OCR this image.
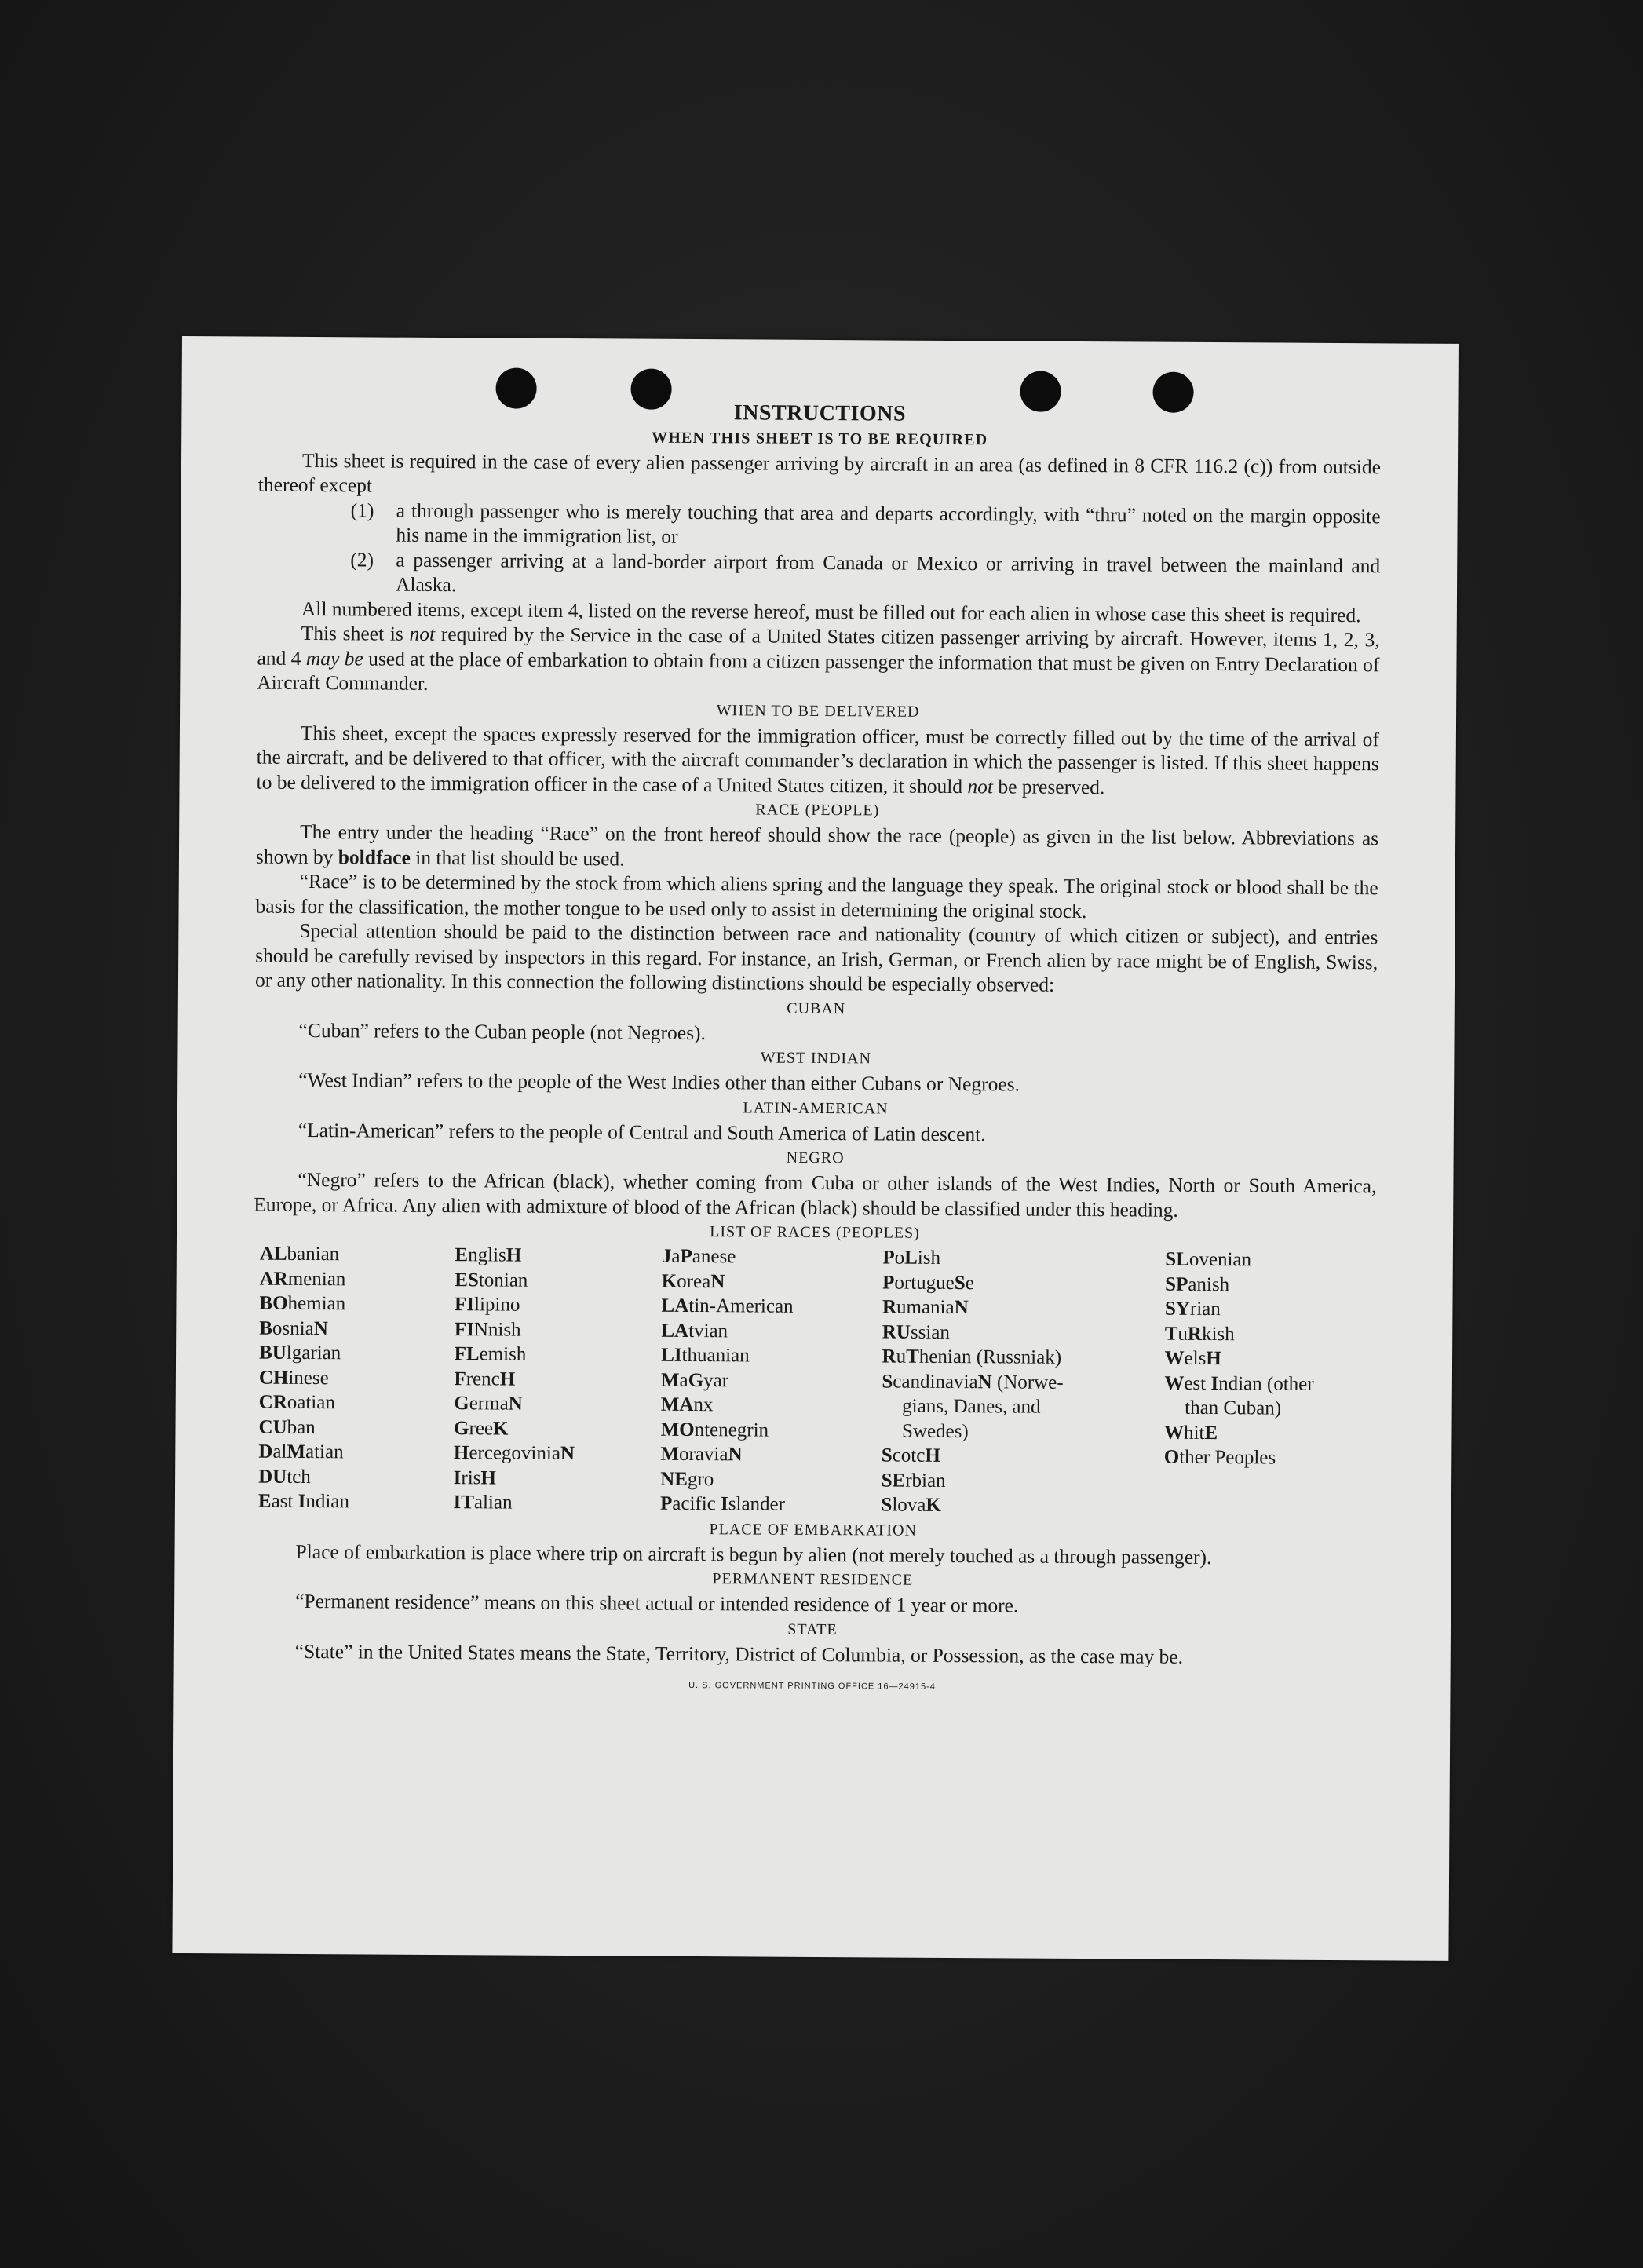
INSTRUCTIONS
WHEN THIS SHEET IS TO BE REQUIRED

This sheet is required in the case of every alien passenger arriving by aircraft in an area (as defined in 8 CFR 116.2 (c)) from outside thereof except

(1)	a through passenger who is merely touching that area and departs accordingly, with “thru” noted on the margin opposite his name in the immigration list, or
(2)	a passenger arriving at a land-border airport from Canada or Mexico or arriving in travel between the mainland and Alaska.

All numbered items, except item 4, listed on the reverse hereof, must be filled out for each alien in whose case this sheet is required.

This sheet is not required by the Service in the case of a United States citizen passenger arriving by aircraft. However, items 1, 2, 3, and 4 may be used at the place of embarkation to obtain from a citizen passenger the information that must be given on Entry Declaration of Aircraft Commander.

WHEN TO BE DELIVERED

This sheet, except the spaces expressly reserved for the immigration officer, must be correctly filled out by the time of the arrival of the aircraft, and be delivered to that officer, with the aircraft commander’s declaration in which the passenger is listed. If this sheet happens to be delivered to the immigration officer in the case of a United States citizen, it should not be preserved.

RACE (PEOPLE)

The entry under the heading “Race” on the front hereof should show the race (people) as given in the list below. Abbreviations as shown by boldface in that list should be used.

“Race” is to be determined by the stock from which aliens spring and the language they speak. The original stock or blood shall be the basis for the classification, the mother tongue to be used only to assist in determining the original stock.

Special attention should be paid to the distinction between race and nationality (country of which citizen or subject), and entries should be carefully revised by inspectors in this regard. For instance, an Irish, German, or French alien by race might be of English, Swiss, or any other nationality. In this connection the following distinctions should be especially observed:

CUBAN

“Cuban” refers to the Cuban people (not Negroes).

WEST INDIAN

“West Indian” refers to the people of the West Indies other than either Cubans or Negroes.

LATIN-AMERICAN

“Latin-American” refers to the people of Central and South America of Latin descent.

NEGRO

“Negro” refers to the African (black), whether coming from Cuba or other islands of the West Indies, North or South America, Europe, or Africa. Any alien with admixture of blood of the African (black) should be classified under this heading.

LIST OF RACES (PEOPLES)
ALbanian
ARmenian
BOhemian
BosniaN
BUlgarian
CHinese
CRoatian
CUban
DalMatian
DUtch
East Indian
EnglisH
EStonian
FIlipino
FINnish
FLemish
FrencH
GermaN
GreeK
HercegoviniaN
IrisH
ITalian
JaPanese
KoreaN
LAtin-American
LAtvian
LIthuanian
MaGyar
MAnx
MOntenegrin
MoraviaN
NEgro
Pacific Islander
PoLish
PortugueSe
RumaniaN
RUssian
RuThenian (Russniak)
ScandinaviaN (Norwe-
gians, Danes, and
Swedes)
ScotcH
SErbian
SlovaK
SLovenian
SPanish
SYrian
TuRkish
WelsH
West Indian (other
than Cuban)
WhitE
Other Peoples
PLACE OF EMBARKATION

Place of embarkation is place where trip on aircraft is begun by alien (not merely touched as a through passenger).

PERMANENT RESIDENCE

“Permanent residence” means on this sheet actual or intended residence of 1 year or more.

STATE

“State” in the United States means the State, Territory, District of Columbia, or Possession, as the case may be.

U. S. GOVERNMENT PRINTING OFFICE 16—24915-4
